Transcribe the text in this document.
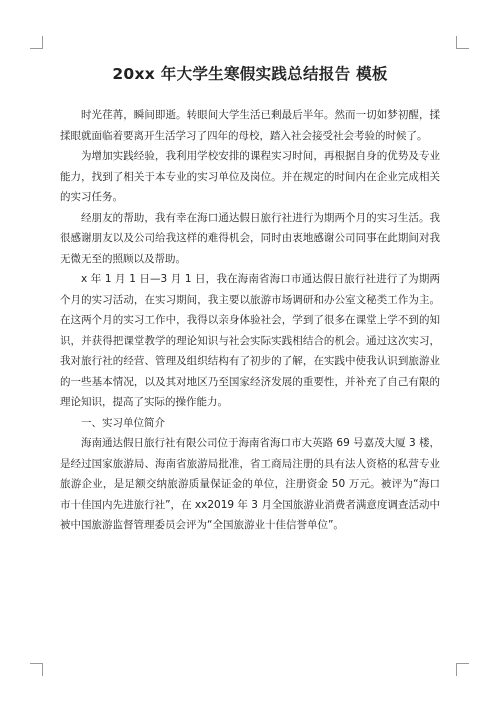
20xx 年大学生寒假实践总结报告 模板

时光荏苒，瞬间即逝。转眼间大学生活已剩最后半年。然而一切如梦初醒，揉揉眼就面临着要离开生活学习了四年的母校，踏入社会接受社会考验的时候了。

为增加实践经验，我利用学校安排的课程实习时间，再根据自身的优势及专业能力，找到了相关于本专业的实习单位及岗位。并在规定的时间内在企业完成相关的实习任务。

经朋友的帮助，我有幸在海口通达假日旅行社进行为期两个月的实习生活。我很感谢朋友以及公司给我这样的难得机会，同时由衷地感谢公司同事在此期间对我无微无至的照顾以及帮助。

x 年 1 月 1 日—3 月 1 日，我在海南省海口市通达假日旅行社进行了为期两个月的实习活动，在实习期间，我主要以旅游市场调研和办公室文秘类工作为主。在这两个月的实习工作中，我得以亲身体验社会，学到了很多在课堂上学不到的知识，并获得把课堂教学的理论知识与社会实际实践相结合的机会。通过这次实习，我对旅行社的经营、管理及组织结构有了初步的了解，在实践中使我认识到旅游业的一些基本情况，以及其对地区乃至国家经济发展的重要性，并补充了自己有限的理论知识，提高了实际的操作能力。

一、实习单位简介

海南通达假日旅行社有限公司位于海南省海口市大英路 69 号嘉茂大厦 3 楼，是经过国家旅游局、海南省旅游局批准，省工商局注册的具有法人资格的私营专业旅游企业，是足额交纳旅游质量保证金的单位，注册资金 50 万元。被评为“海口市十佳国内先进旅行社”，在 xx2019 年 3 月全国旅游业消费者满意度调查活动中被中国旅游监督管理委员会评为“全国旅游业十佳信誉单位”。
